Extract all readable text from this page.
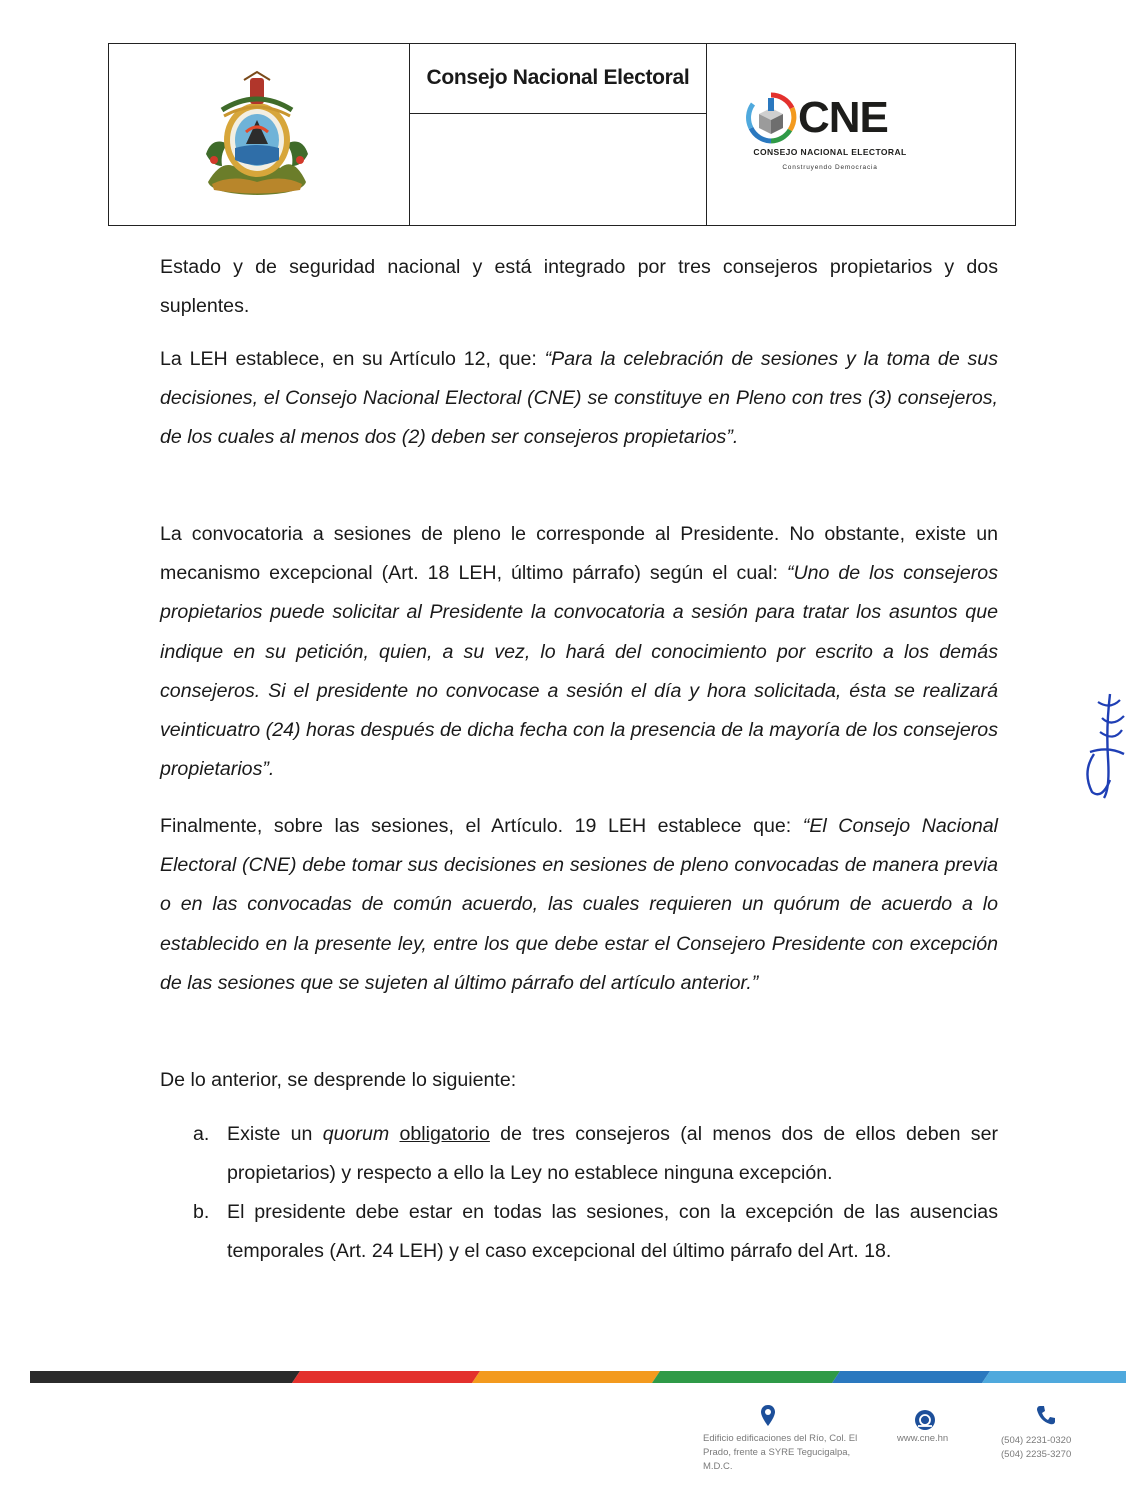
Consejo Nacional Electoral
CNE
CONSEJO NACIONAL ELECTORAL
Construyendo Democracia

Estado y de seguridad nacional y está integrado por tres consejeros propietarios y dos suplentes.

La LEH establece, en su Artículo 12, que: “Para la celebración de sesiones y la toma de sus decisiones, el Consejo Nacional Electoral (CNE) se constituye en Pleno con tres (3) consejeros, de los cuales al menos dos (2) deben ser consejeros propietarios”.

La convocatoria a sesiones de pleno le corresponde al Presidente. No obstante, existe un mecanismo excepcional (Art. 18 LEH, último párrafo) según el cual: “Uno de los consejeros propietarios puede solicitar al Presidente la convocatoria a sesión para tratar los asuntos que indique en su petición, quien, a su vez, lo hará del conocimiento por escrito a los demás consejeros. Si el presidente no convocase a sesión el día y hora solicitada, ésta se realizará veinticuatro (24) horas después de dicha fecha con la presencia de la mayoría de los consejeros propietarios”.

Finalmente, sobre las sesiones, el Artículo. 19 LEH establece que: “El Consejo Nacional Electoral (CNE) debe tomar sus decisiones en sesiones de pleno convocadas de manera previa o en las convocadas de común acuerdo, las cuales requieren un quórum de acuerdo a lo establecido en la presente ley, entre los que debe estar el Consejero Presidente con excepción de las sesiones que se sujeten al último párrafo del artículo anterior.”

De lo anterior, se desprende lo siguiente:

a. Existe un quorum obligatorio de tres consejeros (al menos dos de ellos deben ser propietarios) y respecto a ello la Ley no establece ninguna excepción.
b. El presidente debe estar en todas las sesiones, con la excepción de las ausencias temporales (Art. 24 LEH) y el caso excepcional del último párrafo del Art. 18.
Edificio edificaciones del Río, Col. El Prado, frente a SYRE Tegucigalpa, M.D.C.
www.cne.hn	(504) 2231-0320
(504) 2235-3270
